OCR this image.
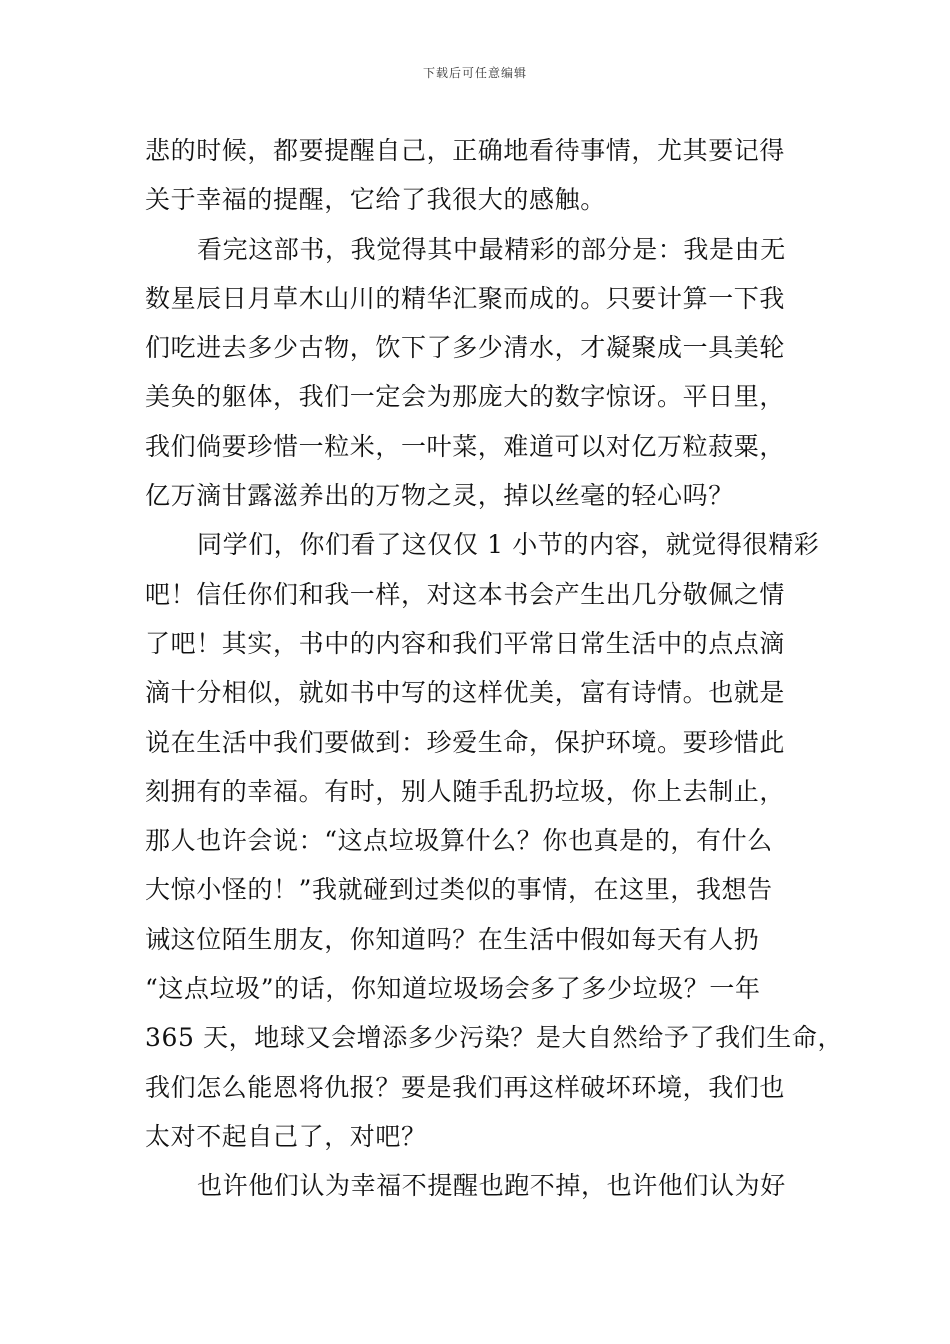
下载后可任意编辑
悲的时候，都要提醒自己，正确地看待事情，尤其要记得
关于幸福的提醒，它给了我很大的感触。
看完这部书，我觉得其中最精彩的部分是：我是由无
数星辰日月草木山川的精华汇聚而成的。只要计算一下我
们吃进去多少古物，饮下了多少清水，才凝聚成一具美轮
美奂的躯体，我们一定会为那庞大的数字惊讶。平日里，
我们倘要珍惜一粒米，一叶菜，难道可以对亿万粒菽粟，
亿万滴甘露滋养出的万物之灵，掉以丝毫的轻心吗？
同学们，你们看了这仅仅 1 小节的内容，就觉得很精彩
吧！信任你们和我一样，对这本书会产生出几分敬佩之情
了吧！其实，书中的内容和我们平常日常生活中的点点滴
滴十分相似，就如书中写的这样优美，富有诗情。也就是
说在生活中我们要做到：珍爱生命，保护环境。要珍惜此
刻拥有的幸福。有时，别人随手乱扔垃圾，你上去制止，
那人也许会说：“这点垃圾算什么？你也真是的，有什么
大惊小怪的！”我就碰到过类似的事情，在这里，我想告
诫这位陌生朋友，你知道吗？在生活中假如每天有人扔
“这点垃圾”的话，你知道垃圾场会多了多少垃圾？一年
365 天，地球又会增添多少污染？是大自然给予了我们生命，
我们怎么能恩将仇报？要是我们再这样破坏环境，我们也
太对不起自己了，对吧？
也许他们认为幸福不提醒也跑不掉，也许他们认为好
